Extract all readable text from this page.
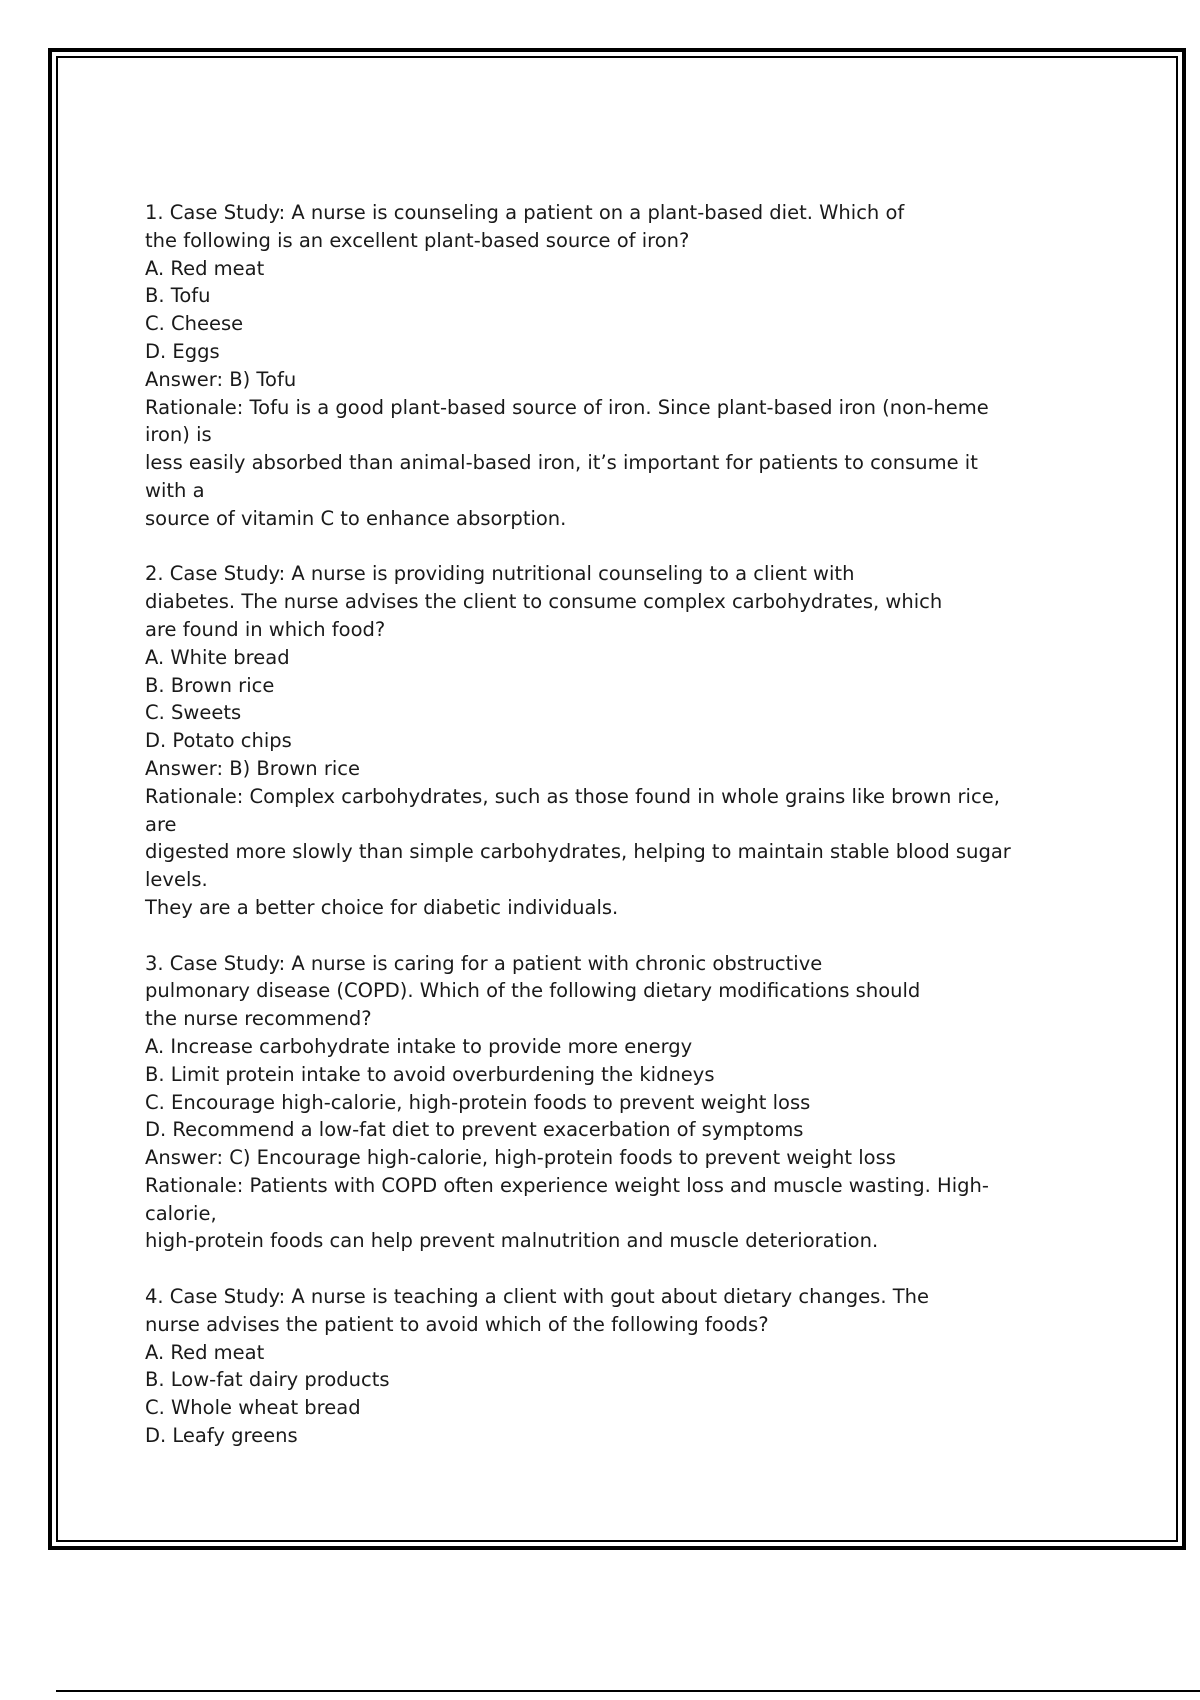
1. Case Study: A nurse is counseling a patient on a plant-based diet. Which of
the following is an excellent plant-based source of iron?
A. Red meat
B. Tofu
C. Cheese
D. Eggs
Answer: B) Tofu
Rationale: Tofu is a good plant-based source of iron. Since plant-based iron (non-heme
iron) is
less easily absorbed than animal-based iron, it’s important for patients to consume it
with a
source of vitamin C to enhance absorption.
2. Case Study: A nurse is providing nutritional counseling to a client with
diabetes. The nurse advises the client to consume complex carbohydrates, which
are found in which food?
A. White bread
B. Brown rice
C. Sweets
D. Potato chips
Answer: B) Brown rice
Rationale: Complex carbohydrates, such as those found in whole grains like brown rice,
are
digested more slowly than simple carbohydrates, helping to maintain stable blood sugar
levels.
They are a better choice for diabetic individuals.
3. Case Study: A nurse is caring for a patient with chronic obstructive
pulmonary disease (COPD). Which of the following dietary modifications should
the nurse recommend?
A. Increase carbohydrate intake to provide more energy
B. Limit protein intake to avoid overburdening the kidneys
C. Encourage high-calorie, high-protein foods to prevent weight loss
D. Recommend a low-fat diet to prevent exacerbation of symptoms
Answer: C) Encourage high-calorie, high-protein foods to prevent weight loss
Rationale: Patients with COPD often experience weight loss and muscle wasting. High-
calorie,
high-protein foods can help prevent malnutrition and muscle deterioration.
4. Case Study: A nurse is teaching a client with gout about dietary changes. The
nurse advises the patient to avoid which of the following foods?
A. Red meat
B. Low-fat dairy products
C. Whole wheat bread
D. Leafy greens
